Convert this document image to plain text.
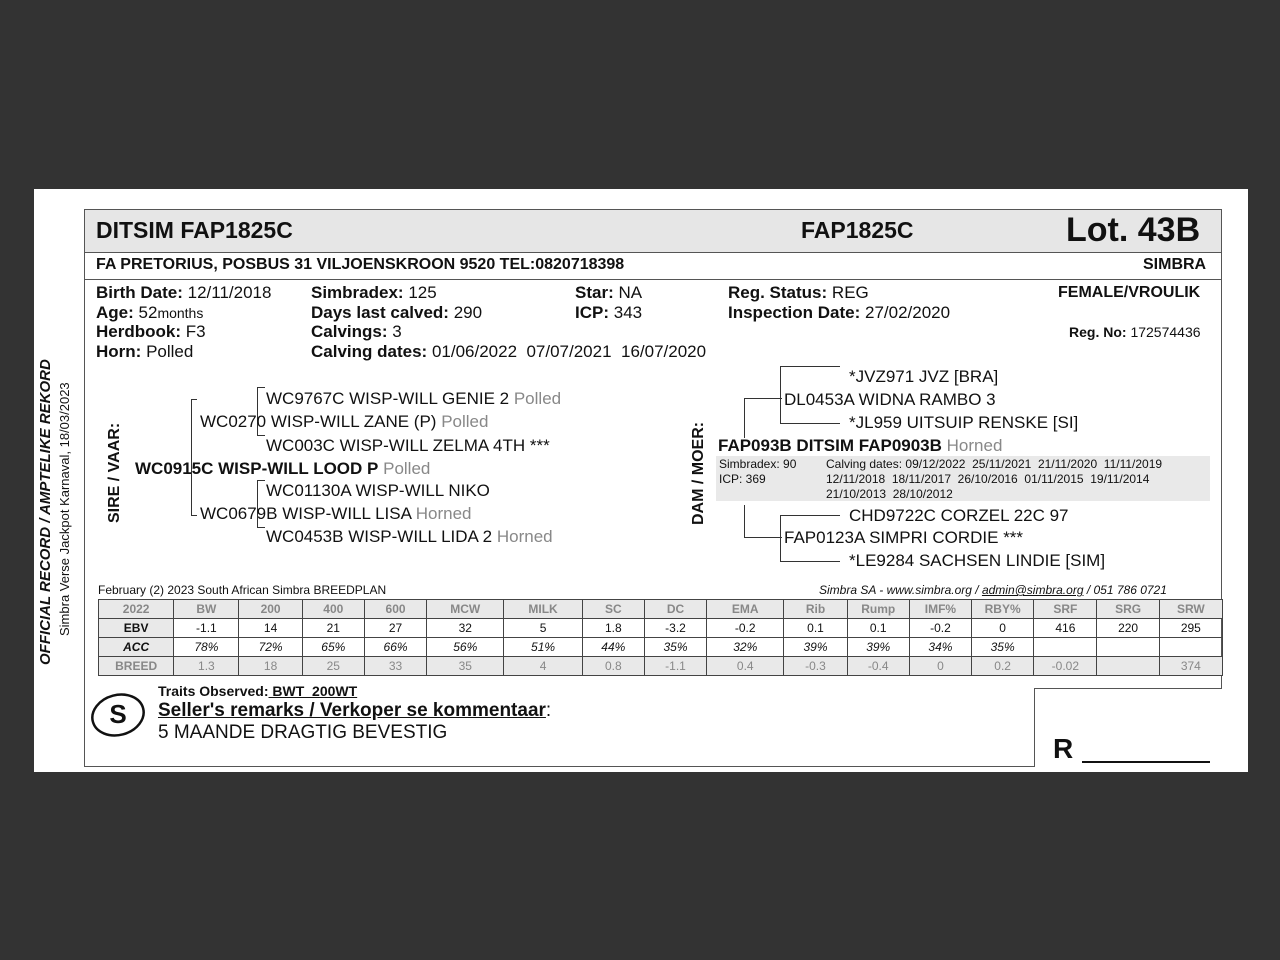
OFFICIAL RECORD / AMPTELIKE REKORD Simbra Verse Jackpot Karnaval, 18/03/2023
DITSIM FAP1825C	FAP1825C	Lot. 43B
FA PRETORIUS, POSBUS 31 VILJOENSKROON 9520 TEL:0820718398	SIMBRA
Birth Date: 12/11/2018
Age: 52months
Herdbook: F3
Horn: Polled
Simbradex: 125
Days last calved: 290
Calvings: 3
Calving dates: 01/06/2022  07/07/2021  16/07/2020
Star: NA
ICP: 343
Reg. Status: REG
Inspection Date: 27/02/2020
FEMALE/VROULIK
Reg. No: 172574436
SIRE / VAAR:
WC9767C WISP-WILL GENIE 2 Polled
WC0270 WISP-WILL ZANE (P) Polled
WC003C WISP-WILL ZELMA 4TH ***
WC0915C WISP-WILL LOOD P Polled
WC01130A WISP-WILL NIKO
WC0679B WISP-WILL LISA Horned
WC0453B WISP-WILL LIDA 2 Horned
DAM / MOER:
*JVZ971 JVZ [BRA]
DL0453A WIDNA RAMBO 3
*JL959 UITSUIP RENSKE [SI]
FAP093B DITSIM FAP0903B Horned
Simbradex: 90
ICP: 369
Calving dates: 09/12/2022  25/11/2021  21/11/2020  11/11/2019
12/11/2018  18/11/2017  26/10/2016  01/11/2015  19/11/2014
21/10/2013  28/10/2012
CHD9722C CORZEL 22C 97
FAP0123A SIMPRI CORDIE ***
*LE9284 SACHSEN LINDIE [SIM]
February (2) 2023 South African Simbra BREEDPLAN	Simbra SA - www.simbra.org / admin@simbra.org / 051 786 0721
2022	BW	200	400	600	MCW	MILK	SC	DC	EMA	Rib	Rump	IMF%	RBY%	SRF	SRG	SRW
EBV	-1.1	14	21	27	32	5	1.8	-3.2	-0.2	0.1	0.1	-0.2	0	416	220	295
ACC	78%	72%	65%	66%	56%	51%	44%	35%	32%	39%	39%	34%	35%			
BREED	1.3	18	25	33	35	4	0.8	-1.1	0.4	-0.3	-0.4	0	0.2	-0.02		374
R
S
Traits Observed: BWT  200WT
Seller's remarks / Verkoper se kommentaar:
5 MAANDE DRAGTIG BEVESTIG
